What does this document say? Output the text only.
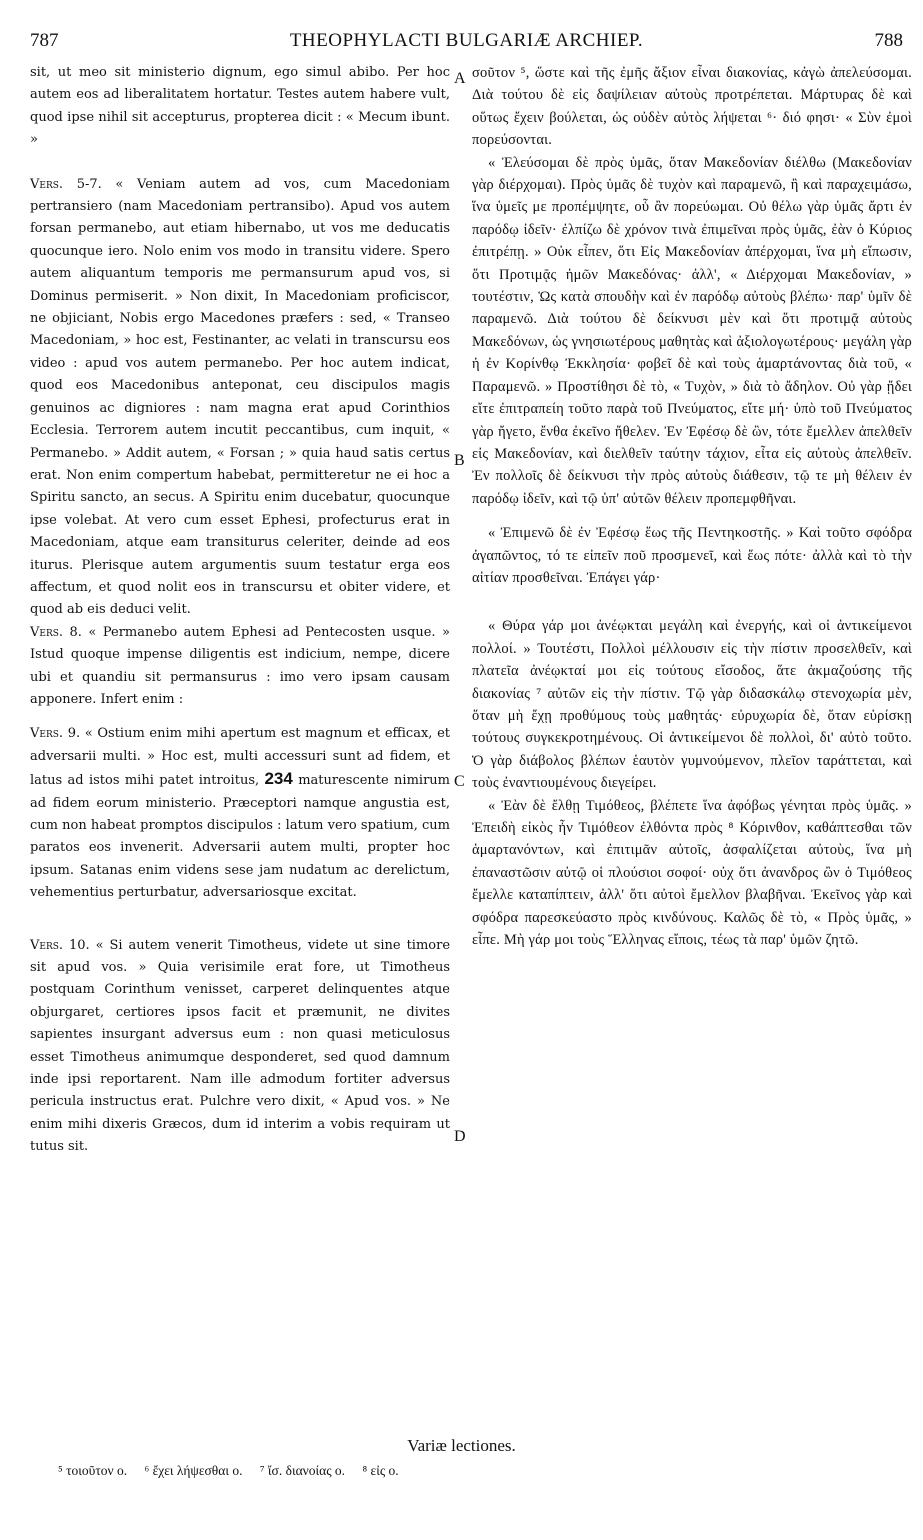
787	THEOPHYLACTI BULGARIÆ ARCHIEP.	788

sit, ut meo sit ministerio dignum, ego simul abibo. Per hoc autem eos ad liberalitatem hortatur. Testes autem habere vult, quod ipse nihil sit accepturus, propterea dicit : « Mecum ibunt. »

Vers. 5-7. « Veniam autem ad vos, cum Macedoniam pertransiero (nam Macedoniam pertransibo). Apud vos autem forsan permanebo, aut etiam hibernabo, ut vos me deducatis quocunque iero. Nolo enim vos modo in transitu videre. Spero autem aliquantum temporis me permansurum apud vos, si Dominus permiserit. » Non dixit, In Macedoniam proficiscor, ne objiciant, Nobis ergo Macedones præfers : sed, « Transeo Macedoniam, » hoc est, Festinanter, ac velati in transcursu eos video : apud vos autem permanebo. Per hoc autem indicat, quod eos Macedonibus anteponat, ceu discipulos magis genuinos ac digniores : nam magna erat apud Corinthios Ecclesia. Terrorem autem incutit peccantibus, cum inquit, « Permanebo. » Addit autem, « Forsan ; » quia haud satis certus erat. Non enim compertum habebat, permitteretur ne ei hoc a Spiritu sancto, an secus. A Spiritu enim ducebatur, quocunque ipse volebat. At vero cum esset Ephesi, profecturus erat in Macedoniam, atque eam transiturus celeriter, deinde ad eos iturus. Plerisque autem argumentis suum testatur erga eos affectum, et quod nolit eos in transcursu et obiter videre, et quod ab eis deduci velit.

Vers. 8. « Permanebo autem Ephesi ad Pentecosten usque. » Istud quoque impense diligentis est indicium, nempe, dicere ubi et quandiu sit permansurus : imo vero ipsam causam apponere. Infert enim :

Vers. 9. « Ostium enim mihi apertum est magnum et efficax, et adversarii multi. » Hoc est, multi accessuri sunt ad fidem, et latus ad istos mihi patet introitus, 234 maturescente nimirum ad fidem eorum ministerio. Præceptori namque angustia est, cum non habeat promptos discipulos : latum vero spatium, cum paratos eos invenerit. Adversarii autem multi, propter hoc ipsum. Satanas enim videns sese jam nudatum ac derelictum, vehementius perturbatur, adversariosque excitat.

Vers. 10. « Si autem venerit Timotheus, videte ut sine timore sit apud vos. » Quia verisimile erat fore, ut Timotheus postquam Corinthum venisset, carperet delinquentes atque objurgaret, certiores ipsos facit et præmunit, ne divites sapientes insurgant adversus eum : non quasi meticulosus esset Timotheus animumque desponderet, sed quod damnum inde ipsi reportarent. Nam ille admodum fortiter adversus pericula instructus erat. Pulchre vero dixit, « Apud vos. » Ne enim mihi dixeris Græcos, dum id interim a vobis requiram ut tutus sit.

A
B
C
D

σοῦτον ⁵, ὥστε καὶ τῆς ἐμῆς ἄξιον εἶναι διακονίας, κἀγὼ ἀπελεύσομαι. Διὰ τούτου δὲ εἰς δαψίλειαν αὐτοὺς προτρέπεται. Μάρτυρας δὲ καὶ οὕτως ἔχειν βούλεται, ὡς οὐδὲν αὐτὸς λήψεται ⁶· διό φησι· « Σὺν ἐμοὶ πορεύσονται.

« Ἐλεύσομαι δὲ πρὸς ὑμᾶς, ὅταν Μακεδονίαν διέλθω (Μακεδονίαν γὰρ διέρχομαι). Πρὸς ὑμᾶς δὲ τυχὸν καὶ παραμενῶ, ἢ καὶ παραχειμάσω, ἵνα ὑμεῖς με προπέμψητε, οὗ ἂν πορεύωμαι. Οὐ θέλω γὰρ ὑμᾶς ἄρτι ἐν παρόδῳ ἰδεῖν· ἐλπίζω δὲ χρόνον τινὰ ἐπιμεῖναι πρὸς ὑμᾶς, ἐὰν ὁ Κύριος ἐπιτρέπῃ. » Οὐκ εἶπεν, ὅτι Εἰς Μακεδονίαν ἀπέρχομαι, ἵνα μὴ εἴπωσιν, ὅτι Προτιμᾷς ἡμῶν Μακεδόνας· ἀλλ', « Διέρχομαι Μακεδονίαν, » τουτέστιν, Ὡς κατὰ σπουδὴν καὶ ἐν παρόδῳ αὐτοὺς βλέπω· παρ' ὑμῖν δὲ παραμενῶ. Διὰ τούτου δὲ δείκνυσι μὲν καὶ ὅτι προτιμᾷ αὐτοὺς Μακεδόνων, ὡς γνησιωτέρους μαθητὰς καὶ ἀξιολογωτέρους· μεγάλη γὰρ ἡ ἐν Κορίνθῳ Ἐκκλησία· φοβεῖ δὲ καὶ τοὺς ἁμαρτάνοντας διὰ τοῦ, « Παραμενῶ. » Προστίθησι δὲ τὸ, « Τυχὸν, » διὰ τὸ ἄδηλον. Οὐ γὰρ ᾔδει εἴτε ἐπιτραπείη τοῦτο παρὰ τοῦ Πνεύματος, εἴτε μή· ὑπὸ τοῦ Πνεύματος γὰρ ἤγετο, ἔνθα ἐκεῖνο ἤθελεν. Ἐν Ἐφέσῳ δὲ ὢν, τότε ἔμελλεν ἀπελθεῖν εἰς Μακεδονίαν, καὶ διελθεῖν ταύτην τάχιον, εἶτα εἰς αὐτοὺς ἀπελθεῖν. Ἐν πολλοῖς δὲ δείκνυσι τὴν πρὸς αὐτοὺς διάθεσιν, τῷ τε μὴ θέλειν ἐν παρόδῳ ἰδεῖν, καὶ τῷ ὑπ' αὐτῶν θέλειν προπεμφθῆναι.

« Ἐπιμενῶ δὲ ἐν Ἐφέσῳ ἕως τῆς Πεντηκοστῆς. » Καὶ τοῦτο σφόδρα ἀγαπῶντος, τό τε εἰπεῖν ποῦ προσμενεῖ, καὶ ἕως πότε· ἀλλὰ καὶ τὸ τὴν αἰτίαν προσθεῖναι. Ἐπάγει γάρ·

« Θύρα γάρ μοι ἀνέῳκται μεγάλη καὶ ἐνεργής, καὶ οἱ ἀντικείμενοι πολλοί. » Τουτέστι, Πολλοὶ μέλλουσιν εἰς τὴν πίστιν προσελθεῖν, καὶ πλατεῖα ἀνέῳκταί μοι εἰς τούτους εἴσοδος, ἅτε ἀκμαζούσης τῆς διακονίας ⁷ αὐτῶν εἰς τὴν πίστιν. Τῷ γὰρ διδασκάλῳ στενοχωρία μὲν, ὅταν μὴ ἔχῃ προθύμους τοὺς μαθητάς· εὐρυχωρία δὲ, ὅταν εὑρίσκῃ τούτους συγκεκροτημένους. Οἱ ἀντικείμενοι δὲ πολλοὶ, δι' αὐτὸ τοῦτο. Ὁ γὰρ διάβολος βλέπων ἑαυτὸν γυμνούμενον, πλεῖον ταράττεται, καὶ τοὺς ἐναντιουμένους διεγείρει.

« Ἐὰν δὲ ἔλθῃ Τιμόθεος, βλέπετε ἵνα ἀφόβως γένηται πρὸς ὑμᾶς. » Ἐπειδὴ εἰκὸς ἦν Τιμόθεον ἐλθόντα πρὸς ⁸ Κόρινθον, καθάπτεσθαι τῶν ἁμαρτανόντων, καὶ ἐπιτιμᾶν αὐτοῖς, ἀσφαλίζεται αὐτοὺς, ἵνα μὴ ἐπαναστῶσιν αὐτῷ οἱ πλούσιοι σοφοί· οὐχ ὅτι ἀνανδρος ὢν ὁ Τιμόθεος ἔμελλε καταπίπτειν, ἀλλ' ὅτι αὐτοὶ ἔμελλον βλαβῆναι. Ἐκεῖνος γὰρ καὶ σφόδρα παρεσκεύαστο πρὸς κινδύνους. Καλῶς δὲ τὸ, « Πρὸς ὑμᾶς, » εἶπε. Μὴ γάρ μοι τοὺς Ἕλληνας εἴποις, τέως τὰ παρ' ὑμῶν ζητῶ.

Variæ lectiones.
⁵ τοιοῦτον ο. ⁶ ἔχει λήψεσθαι ο. ⁷ ἴσ. διανοίας ο. ⁸ εἰς ο.
